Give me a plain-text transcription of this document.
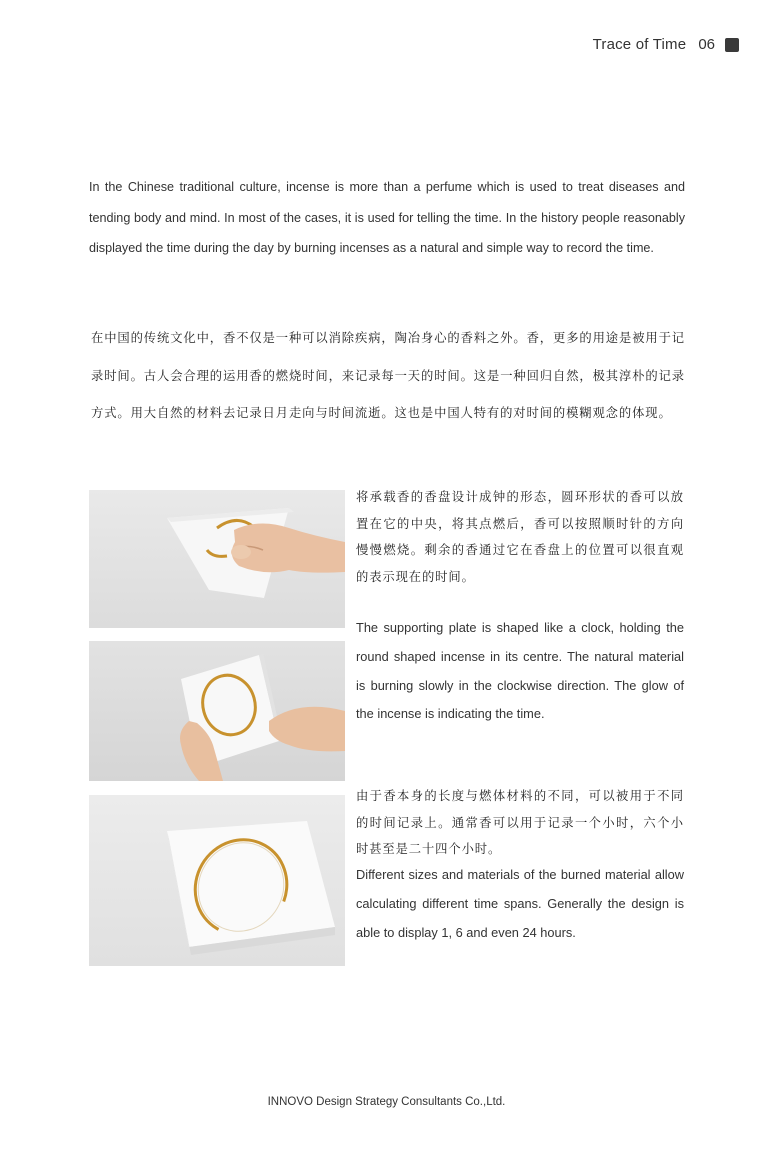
Trace of Time 06

In the Chinese traditional culture, incense is more than a perfume which is used to treat diseases and tending body and mind. In most of the cases, it is used for telling the time. In the history people reasonably displayed the time during the day by burning incenses as a natural and simple way to record the time.

在中国的传统文化中，香不仅是一种可以消除疾病，陶冶身心的香料之外。香，更多的用途是被用于记录时间。古人会合理的运用香的燃烧时间，来记录每一天的时间。这是一种回归自然，极其淳朴的记录方式。用大自然的材料去记录日月走向与时间流逝。这也是中国人特有的对时间的模糊观念的体现。

将承载香的香盘设计成钟的形态，圆环形状的香可以放置在它的中央，将其点燃后，香可以按照顺时针的方向慢慢燃烧。剩余的香通过它在香盘上的位置可以很直观的表示现在的时间。

The supporting plate is shaped like a clock, holding the round shaped incense in its centre. The natural material is burning slowly in the clockwise direction. The glow of the incense is indicating the time.

由于香本身的长度与燃体材料的不同，可以被用于不同的时间记录上。通常香可以用于记录一个小时，六个小时甚至是二十四个小时。

Different sizes and materials of the burned material allow calculating different time spans. Generally the design is able to display 1, 6 and even 24 hours.

INNOVO Design Strategy Consultants Co.,Ltd.
